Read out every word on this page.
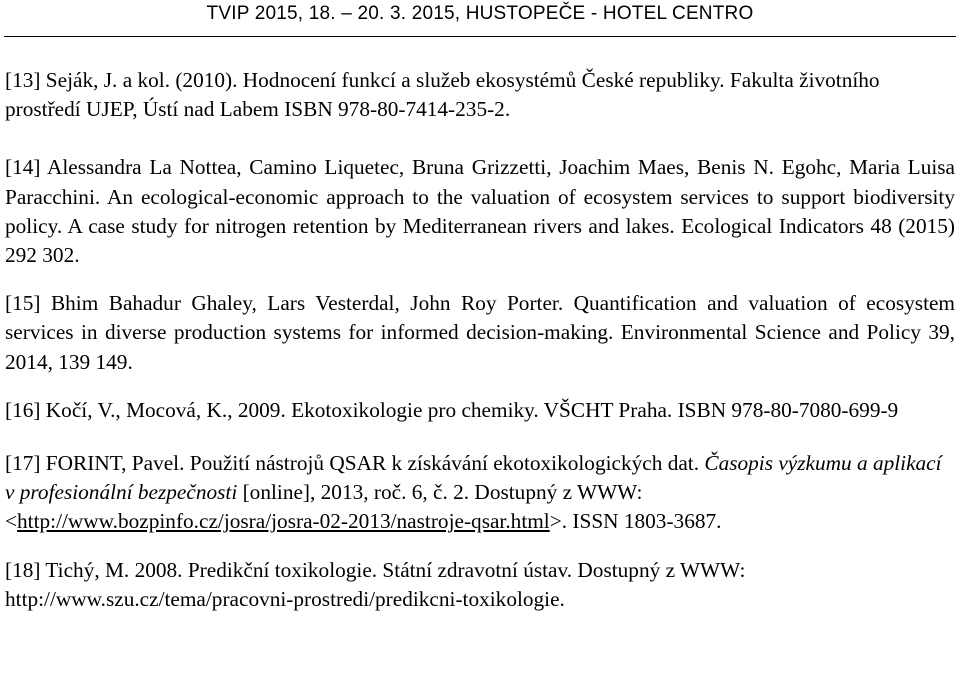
TVIP 2015, 18. – 20. 3. 2015, HUSTOPEČE - HOTEL CENTRO

[13] Seják, J. a kol. (2010). Hodnocení funkcí a služeb ekosystémů České republiky. Fakulta životního prostředí UJEP, Ústí nad Labem ISBN 978-80-7414-235-2.

[14] Alessandra La Nottea, Camino Liquetec, Bruna Grizzetti, Joachim Maes, Benis N. Egohc, Maria Luisa Paracchini. An ecological-economic approach to the valuation of ecosystem services to support biodiversity policy. A case study for nitrogen retention by Mediterranean rivers and lakes. Ecological Indicators 48 (2015) 292 302.

[15] Bhim Bahadur Ghaley, Lars Vesterdal, John Roy Porter. Quantification and valuation of ecosystem services in diverse production systems for informed decision-making. Environmental Science and Policy 39, 2014, 139 149.

[16] Kočí, V., Mocová, K., 2009. Ekotoxikologie pro chemiky. VŠCHT Praha. ISBN 978-80-7080-699-9

[17] FORINT, Pavel. Použití nástrojů QSAR k získávání ekotoxikologických dat. Časopis výzkumu a aplikací v profesionální bezpečnosti [online], 2013, roč. 6, č. 2. Dostupný z WWW: <http://www.bozpinfo.cz/josra/josra-02-2013/nastroje-qsar.html>. ISSN 1803-3687.

[18] Tichý, M. 2008. Predikční toxikologie. Státní zdravotní ústav. Dostupný z WWW: http://www.szu.cz/tema/pracovni-prostredi/predikcni-toxikologie.
